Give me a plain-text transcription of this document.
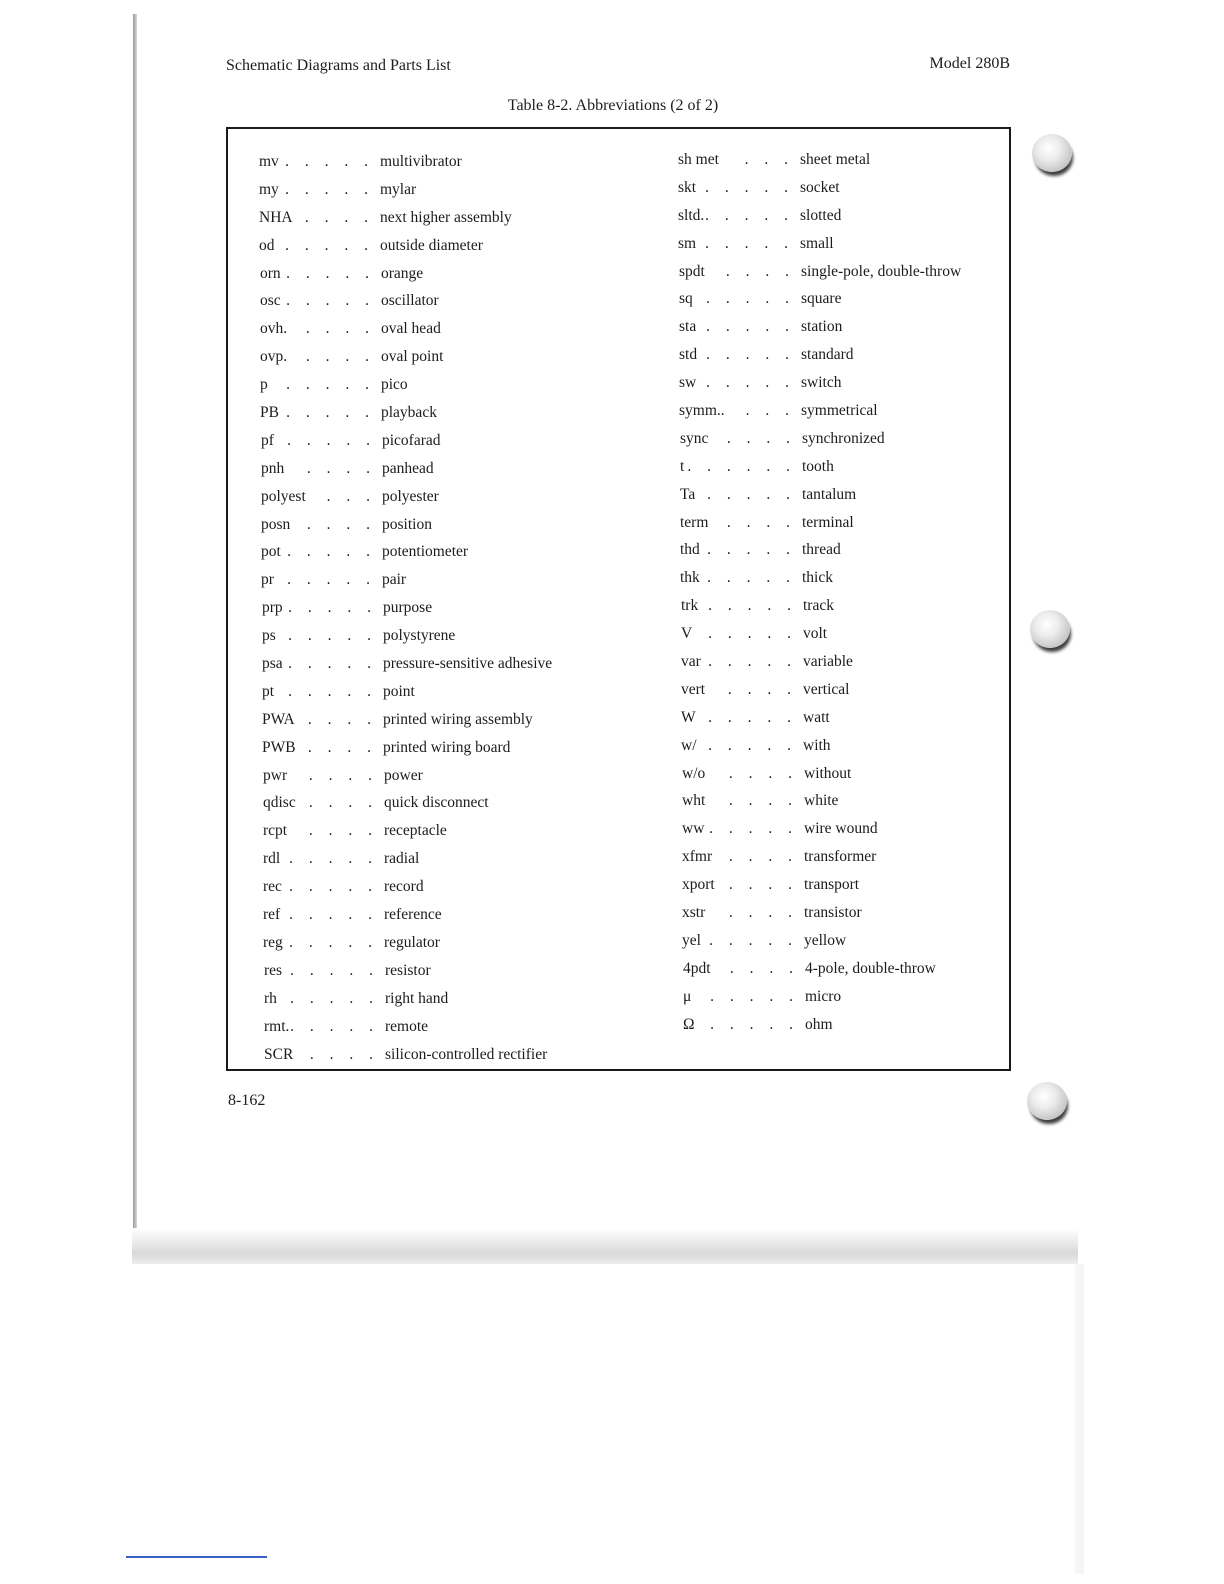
Schematic Diagrams and Parts List	Model 280B
Table 8-2. Abbreviations (2 of 2)
mv . . . . . multivibrator
my . . . . . mylar
NHA . . . . next higher assembly
od . . . . . outside diameter
orn . . . . . orange
osc . . . . . oscillator
ovh. . . . . oval head
ovp. . . . . oval point
p . . . . . pico
PB . . . . . playback
pf . . . . . picofarad
pnh . . . . panhead
polyest . . . polyester
posn . . . . position
pot . . . . . potentiometer
pr . . . . . pair
prp . . . . . purpose
ps . . . . . polystyrene
psa . . . . . pressure-sensitive adhesive
pt . . . . . point
PWA . . . . printed wiring assembly
PWB . . . . printed wiring board
pwr . . . . power
qdisc . . . . quick disconnect
rcpt . . . . receptacle
rdl . . . . . radial
rec . . . . . record
ref . . . . . reference
reg . . . . . regulator
res . . . . . resistor
rh . . . . . right hand
rmt. . . . . . remote
SCR . . . . silicon-controlled rectifier
sh met . . . sheet metal
skt . . . . . socket
sltd. . . . . . slotted
sm . . . . . small
spdt . . . . single-pole, double-throw
sq . . . . . square
sta . . . . . station
std . . . . . standard
sw . . . . . switch
symm.. . . . symmetrical
sync . . . . synchronized
t . . . . . . tooth
Ta . . . . . tantalum
term . . . . terminal
thd . . . . . thread
thk . . . . . thick
trk . . . . . track
V . . . . . volt
var . . . . . variable
vert . . . . vertical
W . . . . . watt
w/ . . . . . with
w/o . . . . without
wht . . . . white
ww . . . . . wire wound
xfmr . . . . transformer
xport . . . . transport
xstr . . . . transistor
yel . . . . . yellow
4pdt . . . . 4-pole, double-throw
μ . . . . . micro
Ω . . . . . ohm
8-162
